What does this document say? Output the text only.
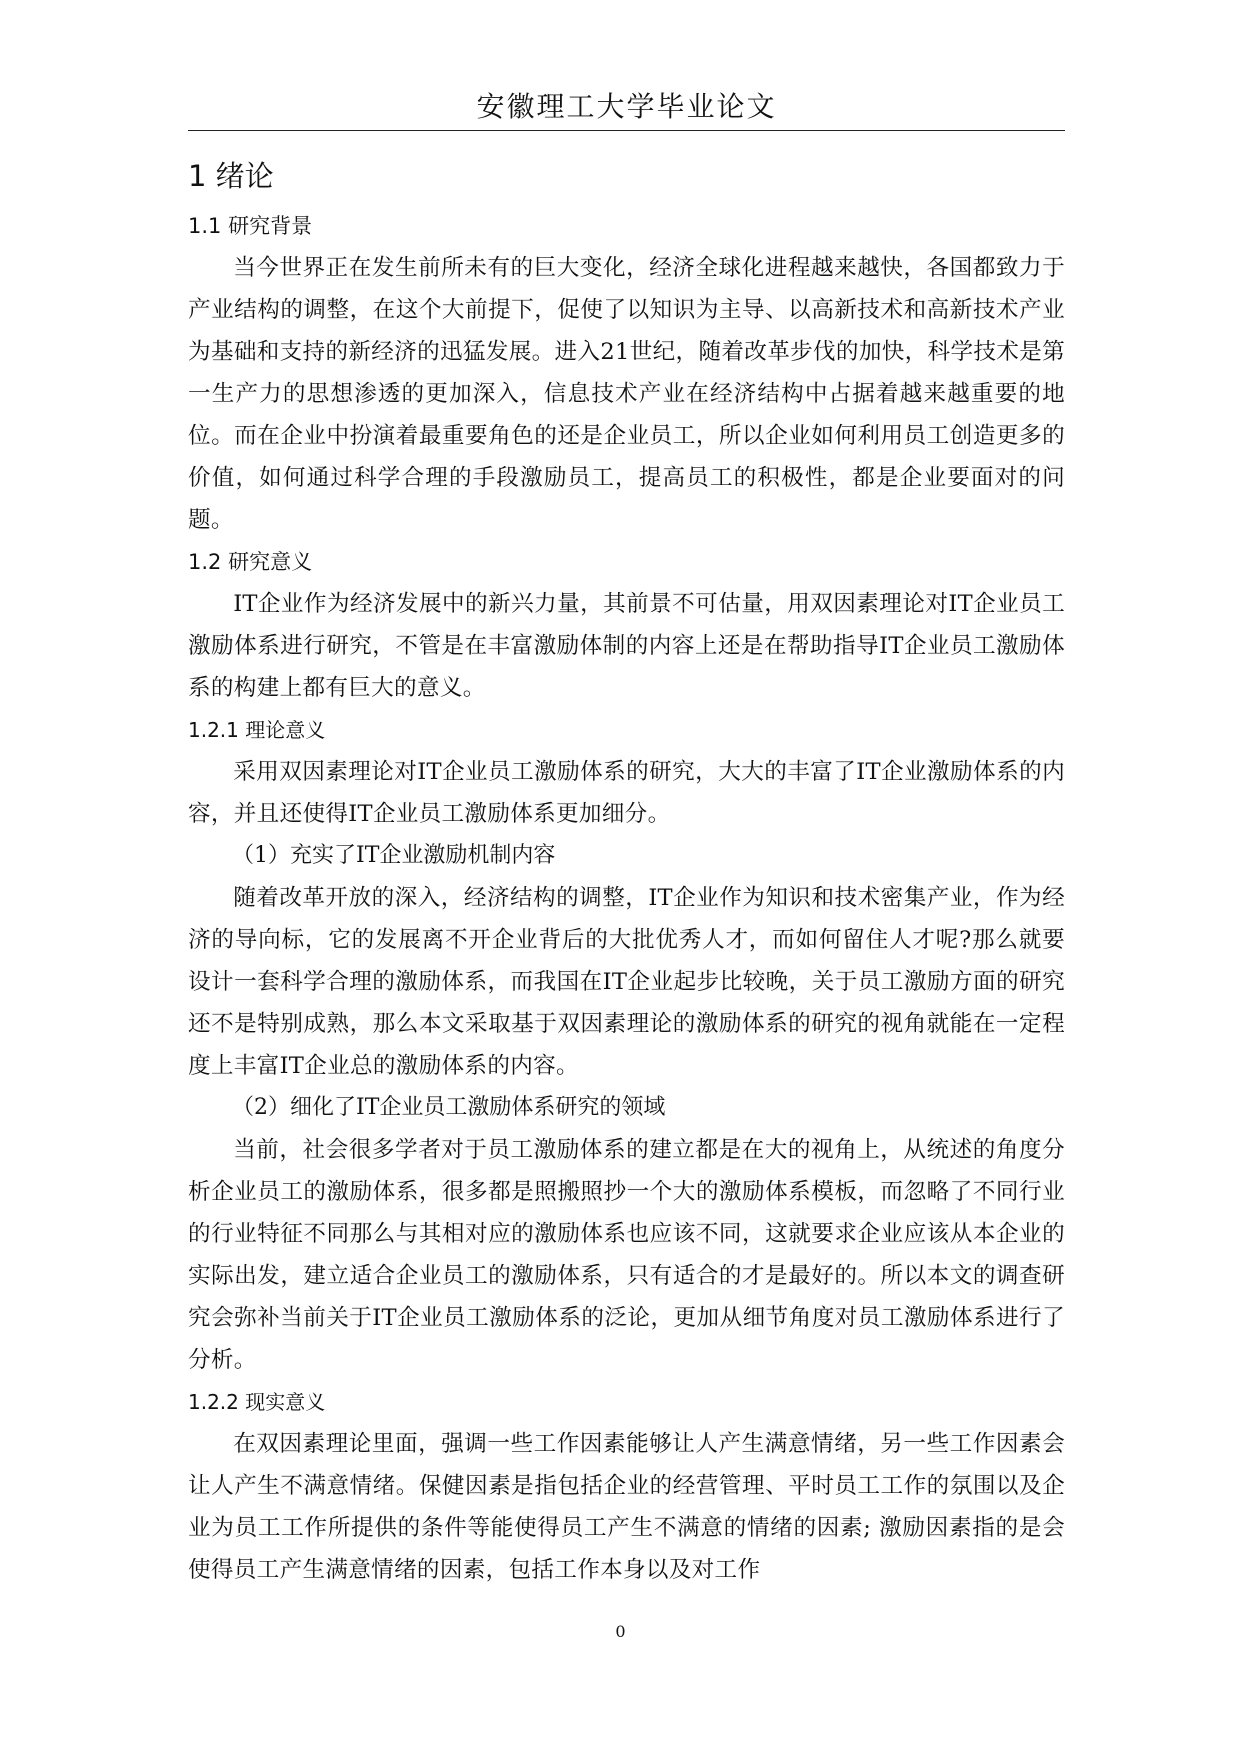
安徽理工大学毕业论文
1 绪论
1.1 研究背景

当今世界正在发生前所未有的巨大变化，经济全球化进程越来越快，各国都致力于产业结构的调整，在这个大前提下，促使了以知识为主导、以高新技术和高新技术产业为基础和支持的新经济的迅猛发展。进入21世纪，随着改革步伐的加快，科学技术是第一生产力的思想渗透的更加深入，信息技术产业在经济结构中占据着越来越重要的地位。而在企业中扮演着最重要角色的还是企业员工，所以企业如何利用员工创造更多的价值，如何通过科学合理的手段激励员工，提高员工的积极性，都是企业要面对的问题。

1.2 研究意义

IT企业作为经济发展中的新兴力量，其前景不可估量，用双因素理论对IT企业员工激励体系进行研究，不管是在丰富激励体制的内容上还是在帮助指导IT企业员工激励体系的构建上都有巨大的意义。

1.2.1 理论意义

采用双因素理论对IT企业员工激励体系的研究，大大的丰富了IT企业激励体系的内容，并且还使得IT企业员工激励体系更加细分。

（1）充实了IT企业激励机制内容

随着改革开放的深入，经济结构的调整，IT企业作为知识和技术密集产业，作为经济的导向标，它的发展离不开企业背后的大批优秀人才，而如何留住人才呢?那么就要设计一套科学合理的激励体系，而我国在IT企业起步比较晚，关于员工激励方面的研究还不是特别成熟，那么本文采取基于双因素理论的激励体系的研究的视角就能在一定程度上丰富IT企业总的激励体系的内容。

（2）细化了IT企业员工激励体系研究的领域

当前，社会很多学者对于员工激励体系的建立都是在大的视角上，从统述的角度分析企业员工的激励体系，很多都是照搬照抄一个大的激励体系模板，而忽略了不同行业的行业特征不同那么与其相对应的激励体系也应该不同，这就要求企业应该从本企业的实际出发，建立适合企业员工的激励体系，只有适合的才是最好的。所以本文的调查研究会弥补当前关于IT企业员工激励体系的泛论，更加从细节角度对员工激励体系进行了分析。

1.2.2 现实意义

在双因素理论里面，强调一些工作因素能够让人产生满意情绪，另一些工作因素会让人产生不满意情绪。保健因素是指包括企业的经营管理、平时员工工作的氛围以及企业为员工工作所提供的条件等能使得员工产生不满意的情绪的因素; 激励因素指的是会使得员工产生满意情绪的因素，包括工作本身以及对工作

0
